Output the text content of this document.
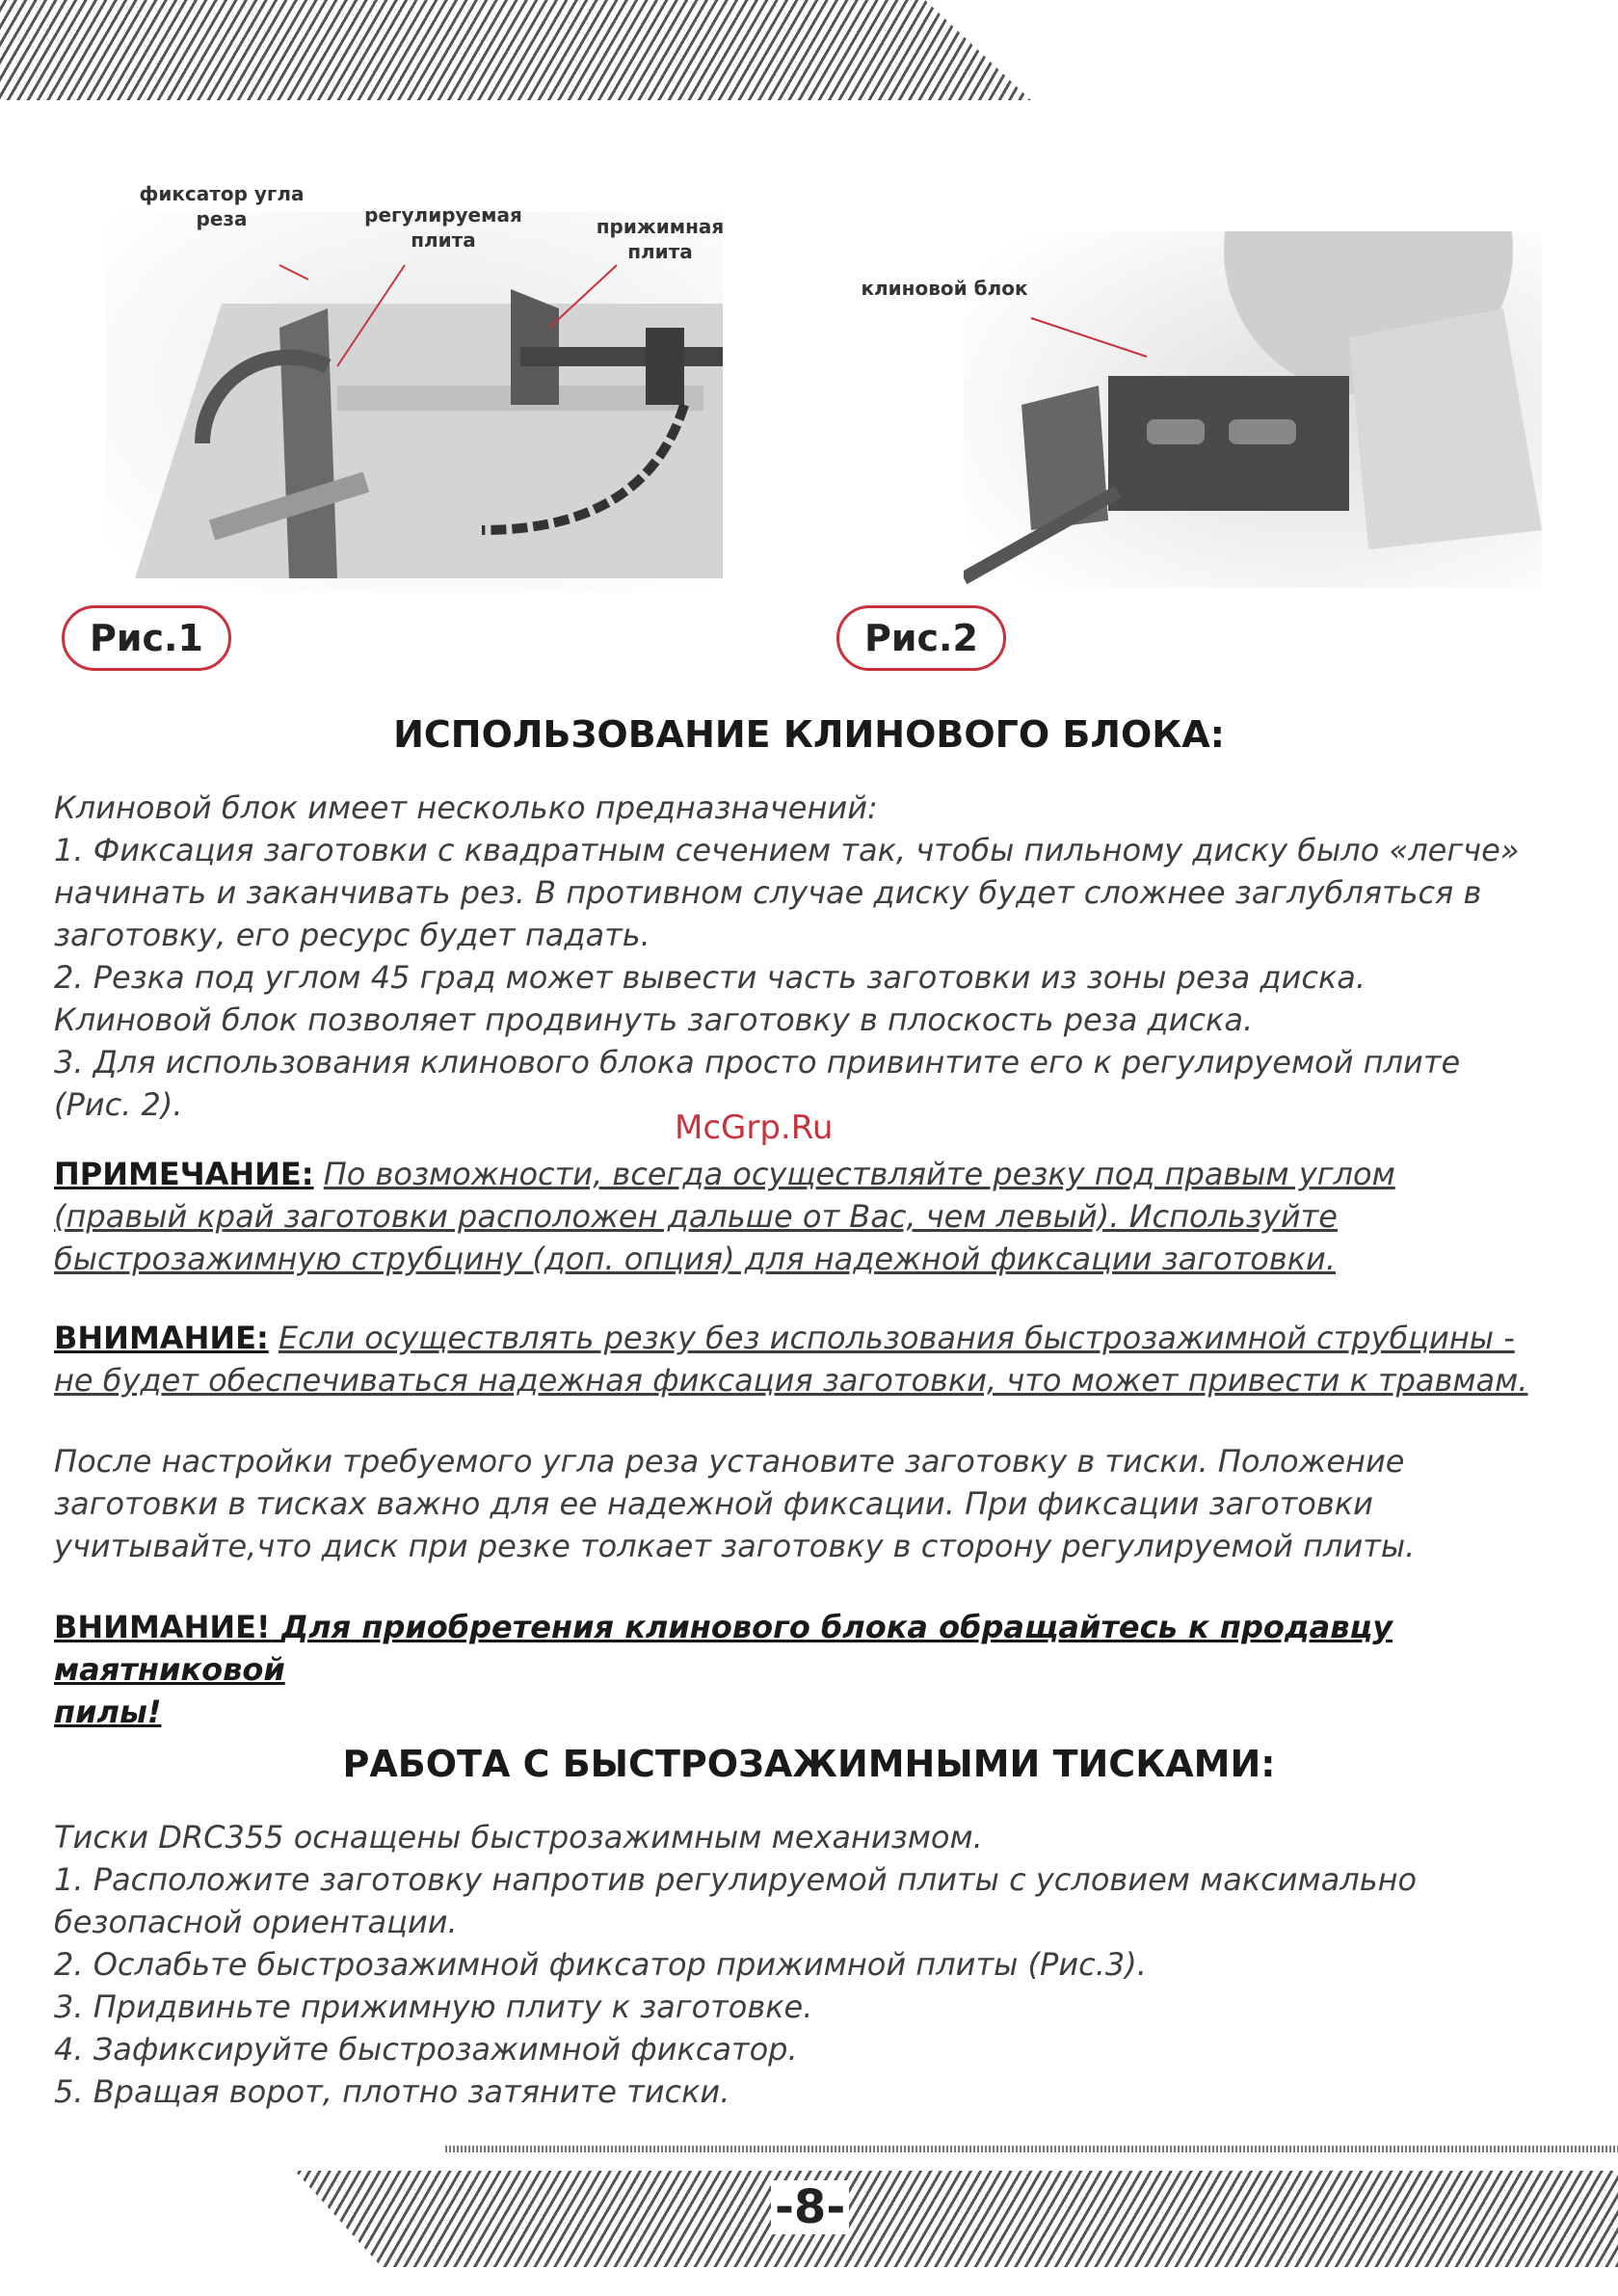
-8-
фиксатор угла реза	регулируемая плита
прижимная плита
Рис.1
клиновой блок
Рис.2
ИСПОЛЬЗОВАНИЕ КЛИНОВОГО БЛОКА:

Клиновой блок имеет несколько предназначений:

1. Фиксация заготовки с квадратным сечением так, чтобы пильному диску было «легче»

начинать и заканчивать рез. В противном случае диску будет сложнее заглубляться в

заготовку, его ресурс будет падать.

2. Резка под углом 45 град может вывести часть заготовки из зоны реза диска.

Клиновой блок позволяет продвинуть заготовку в плоскость реза диска.

3. Для использования клинового блока просто привинтите его к регулируемой плите

(Рис. 2).

McGrp.Ru
ПРИМЕЧАНИЕ: По возможности, всегда осуществляйте резку под правым углом
(правый край заготовки расположен дальше от Вас, чем левый). Используйте
быстрозажимную струбцину (доп. опция) для надежной фиксации заготовки.
ВНИМАНИЕ: Если осуществлять резку без использования быстрозажимной струбцины -
не будет обеспечиваться надежная фиксация заготовки, что может привести к травмам.

После настройки требуемого угла реза установите заготовку в тиски. Положение

заготовки в тисках важно для ее надежной фиксации. При фиксации заготовки

учитывайте,что диск при резке толкает заготовку в сторону регулируемой плиты.

ВНИМАНИЕ! Для приобретения клинового блока обращайтесь к продавцу маятниковой
пилы!
РАБОТА С БЫСТРОЗАЖИМНЫМИ ТИСКАМИ:

Тиски DRC355 оснащены быстрозажимным механизмом.

1. Расположите заготовку напротив регулируемой плиты с условием максимально

безопасной ориентации.

2. Ослабьте быстрозажимной фиксатор прижимной плиты (Рис.3).

3. Придвиньте прижимную плиту к заготовке.

4. Зафиксируйте быстрозажимной фиксатор.

5. Вращая ворот, плотно затяните тиски.
